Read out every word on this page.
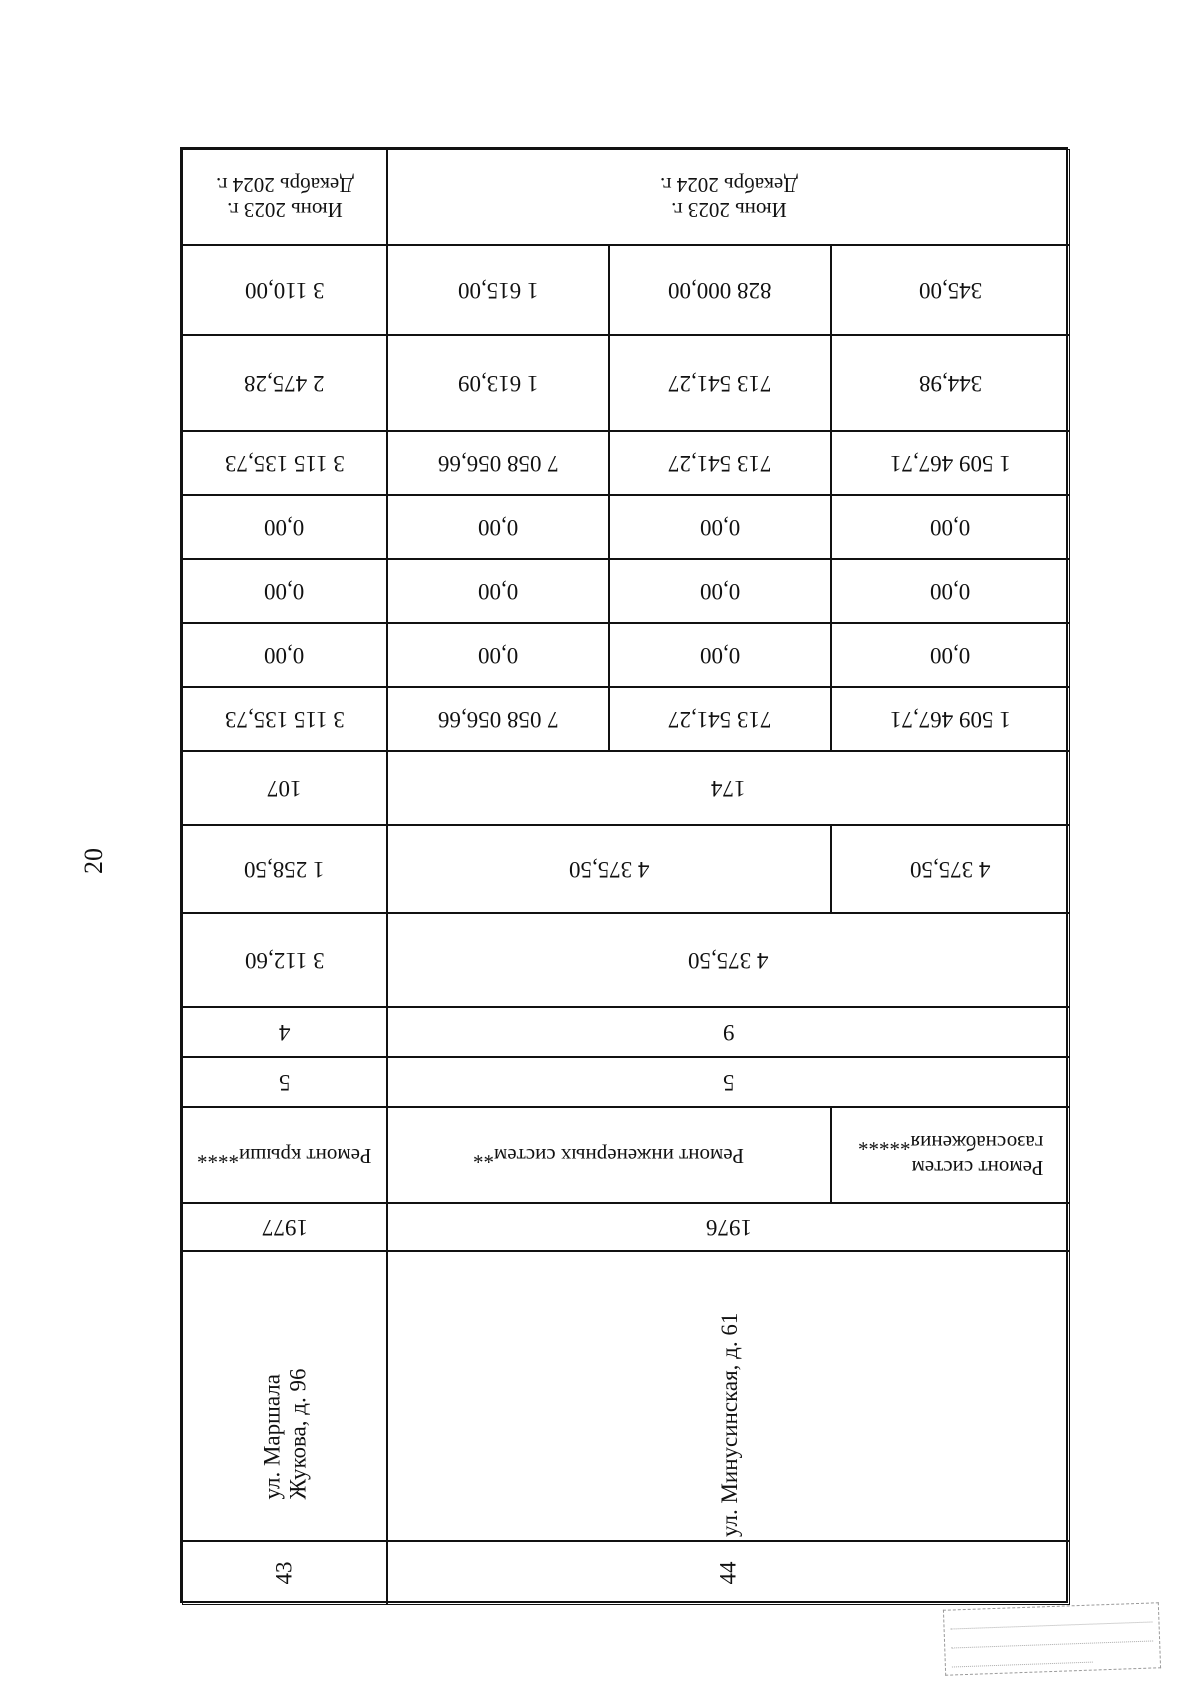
20
Июнь 2023 г.
Декабрь 2024 г.
3 110,00
2 475,28
3 115 135,73
0,00
0,00
0,00
3 115 135,73
107
1 258,50
3 112,60
4
5
Ремонт крыши****
1977
ул. Маршала Жукова, д. 96
43
Июнь 2023 г.
Декабрь 2024 г.
1 615,00
1 613,09
7 058 056,66
0,00
0,00
0,00
7 058 056,66
828 000,00
713 541,27
713 541,27
0,00
0,00
0,00
713 541,27
345,00
344,98
1 509 467,71
0,00
0,00
0,00
1 509 467,71
174
4 375,50	4 375,50
4 375,50
9
5
Ремонт инженерных систем**
Ремонт систем
газоснабжения*****
1976
ул. Минусинская, д. 61
44
